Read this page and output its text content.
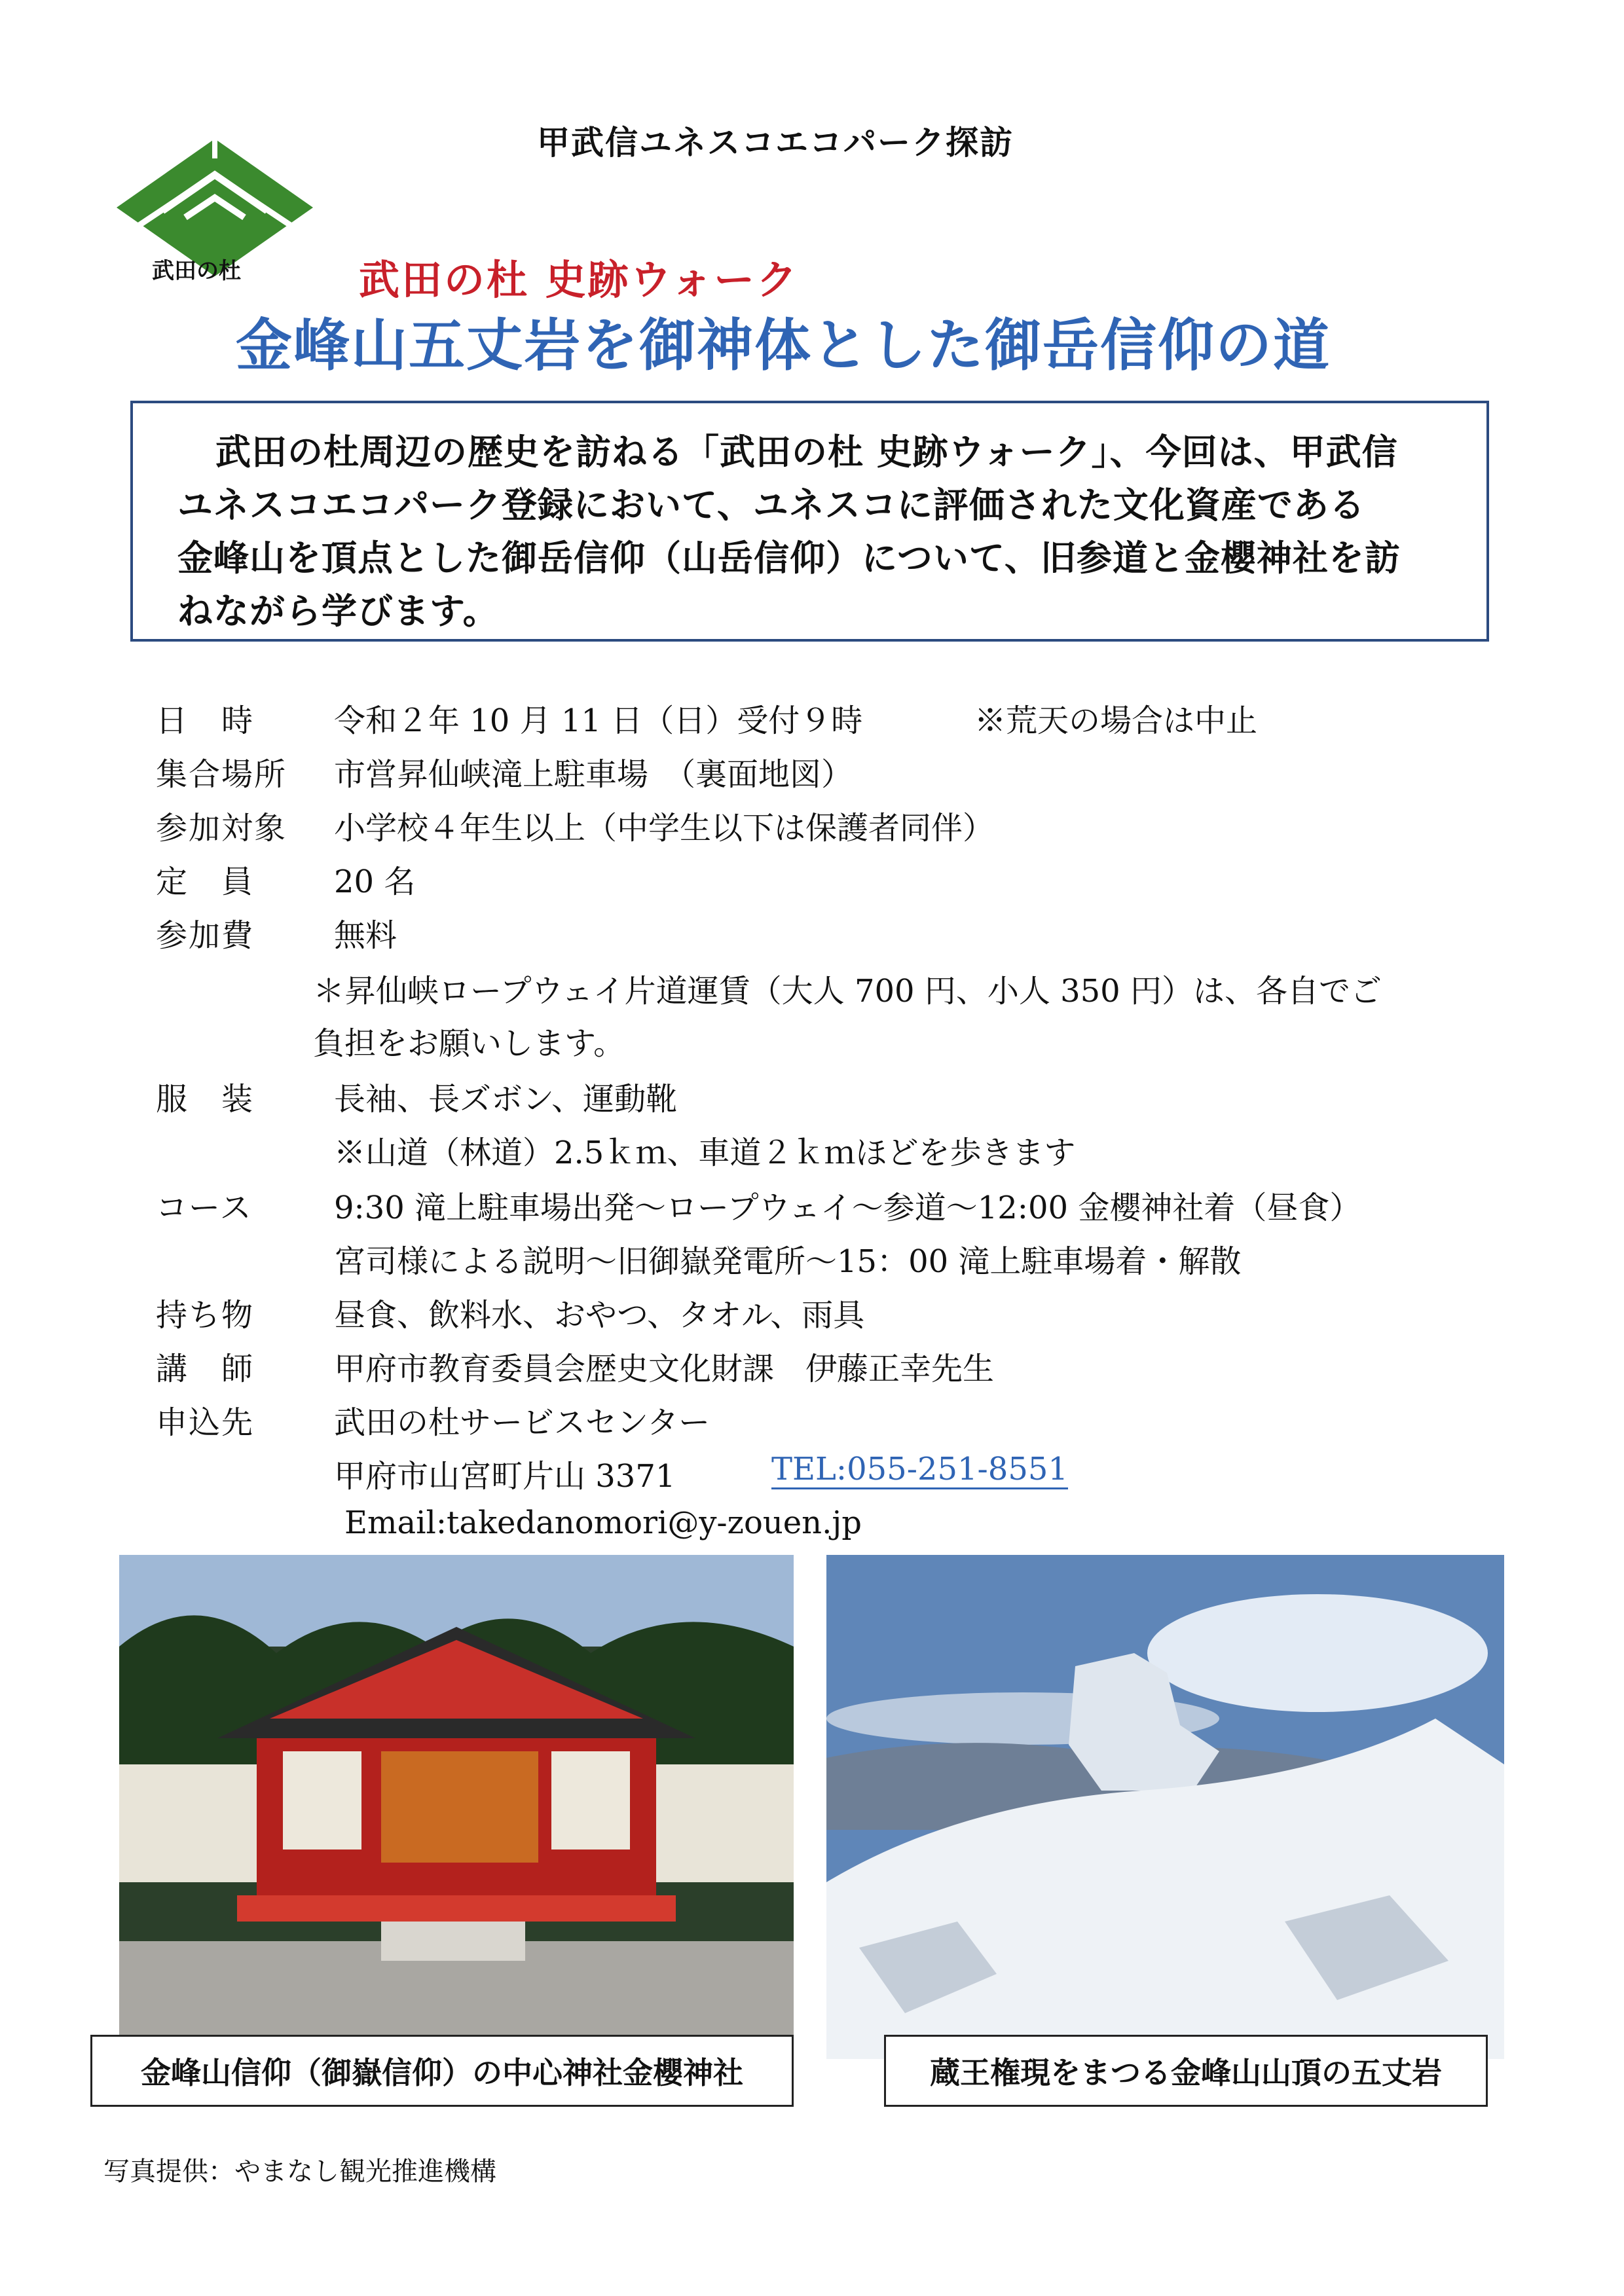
甲武信ユネスコエコパーク探訪
武田の杜	武田の杜 史跡ウォーク
金峰山五丈岩を御神体とした御岳信仰の道
武田の杜周辺の歴史を訪ねる「武田の杜 史跡ウォーク」、今回は、甲武信
ユネスコエコパーク登録において、ユネスコに評価された文化資産である
金峰山を頂点とした御岳信仰（山岳信仰）について、旧参道と金櫻神社を訪
ねながら学びます。
日　時	令和２年 10 月 11 日（日）受付９時	※荒天の場合は中止
集合場所 市営昇仙峡滝上駐車場　（裏面地図）
参加対象 小学校４年生以上（中学生以下は保護者同伴）
定　員	20 名
参加費	無料
＊昇仙峡ロープウェイ片道運賃（大人 700 円、小人 350 円）は、各自でご
負担をお願いします。
服　装	長袖、長ズボン、運動靴
※山道（林道）2.5ｋｍ、車道２ｋｍほどを歩きます
コース	9:30 滝上駐車場出発〜ロープウェイ〜参道〜12:00 金櫻神社着（昼食）
宮司様による説明〜旧御嶽発電所〜15：00 滝上駐車場着・解散
持ち物	昼食、飲料水、おやつ、タオル、雨具
講　師	甲府市教育委員会歴史文化財課　伊藤正幸先生
申込先	武田の杜サービスセンター
甲府市山宮町片山 3371	TEL:055-251-8551
Email:takedanomori@y-zouen.jp
金峰山信仰（御嶽信仰）の中心神社金櫻神社	蔵王権現をまつる金峰山山頂の五丈岩
写真提供：やまなし観光推進機構
